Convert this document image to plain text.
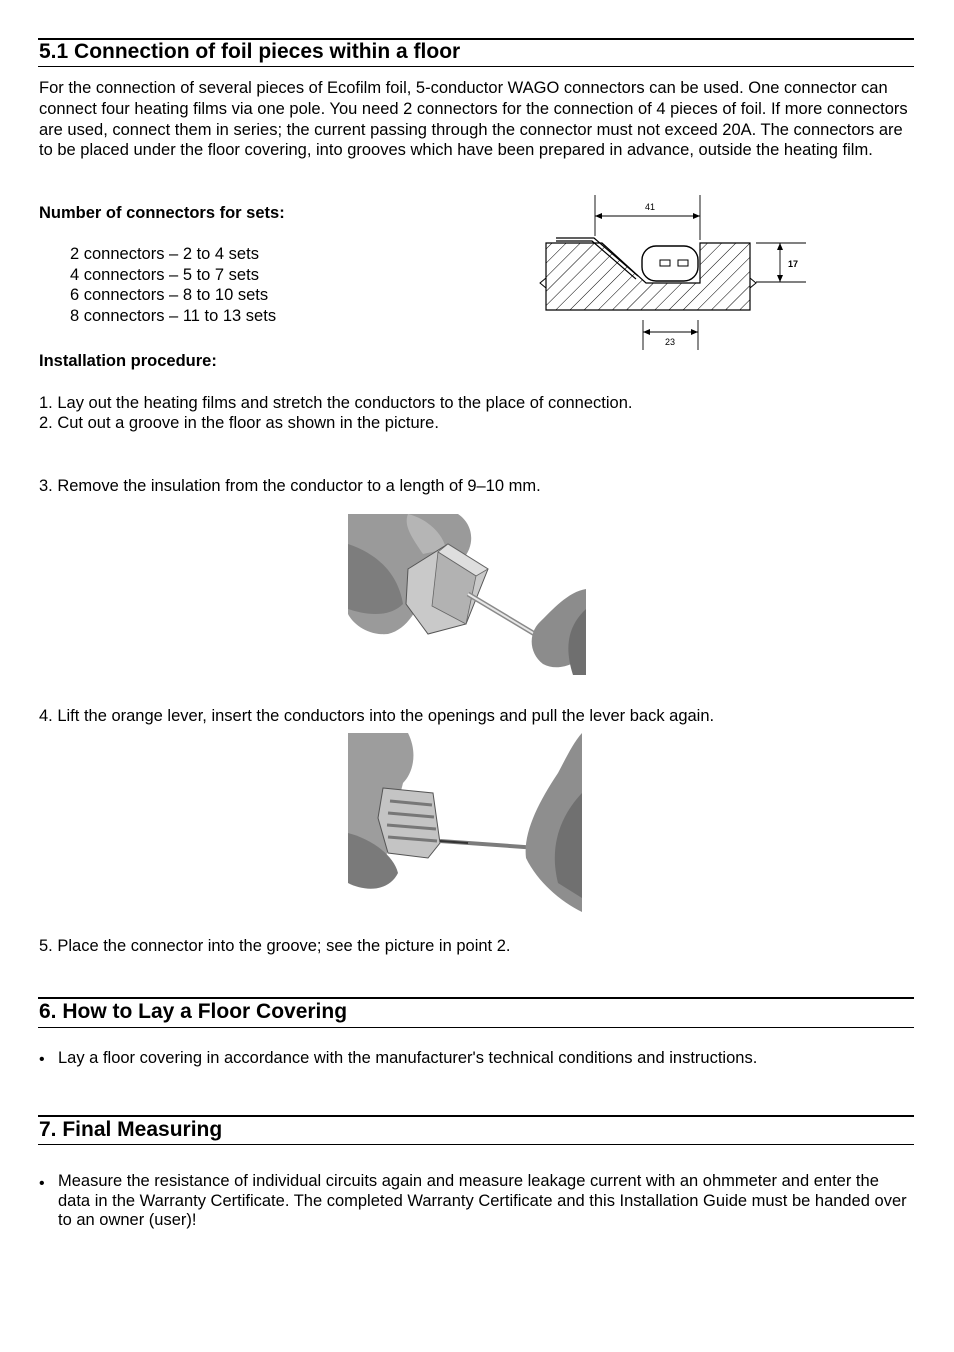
5.1 Connection of foil pieces within a floor

For the connection of several pieces of Ecofilm foil, 5-conductor WAGO connectors can be used. One connector can connect four heating films via one pole. You need 2 connectors for the connection of 4 pieces of foil. If more connectors are used, connect them in series; the current passing through the connector must not exceed 20A. The connectors are to be placed under the floor covering, into grooves which have been prepared in advance, outside the heating film.

Number of connectors for sets:

2 connectors – 2 to 4 sets

4 connectors – 5 to 7 sets

6 connectors – 8 to 10 sets

8 connectors – 11 to 13 sets

41
17
23

Installation procedure:

1. Lay out the heating films and stretch the conductors to the place of connection.

2. Cut out a groove in the floor as shown in the picture.

3. Remove the insulation from the conductor to a length of 9–10 mm.

4. Lift the orange lever, insert the conductors into the openings and pull the lever back again.

5. Place the connector into the groove; see the picture in point 2.

6. How to Lay a Floor Covering
• Lay a floor covering in accordance with the manufacturer's technical conditions and instructions.

7. Final Measuring
• Measure the resistance of individual circuits again and measure leakage current with an ohmmeter and enter the data in the Warranty Certificate. The completed Warranty Certificate and this Installation Guide must be handed over to an owner (user)!
